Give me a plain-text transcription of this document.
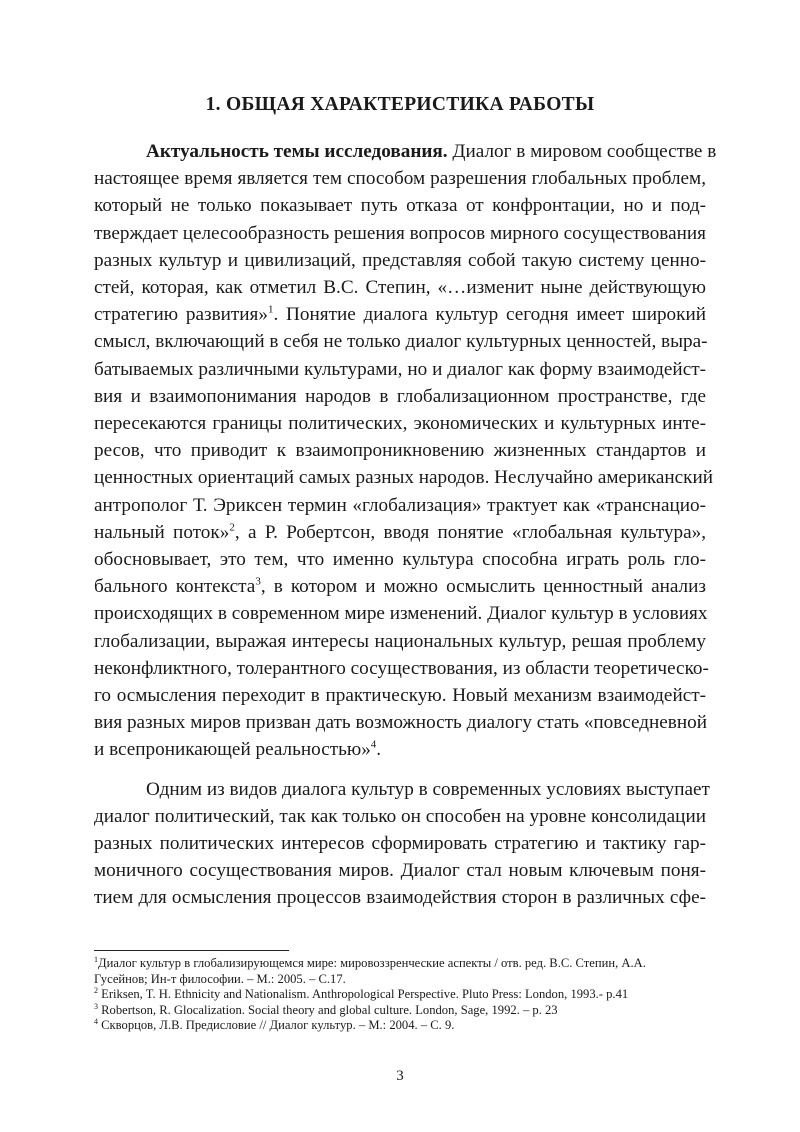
1. ОБЩАЯ ХАРАКТЕРИСТИКА РАБОТЫ
Актуальность темы исследования. Диалог в мировом сообществе в
настоящее время является тем способом разрешения глобальных проблем,
который не только показывает путь отказа от конфронтации, но и под-
тверждает целесообразность решения вопросов мирного сосуществования
разных культур и цивилизаций, представляя собой такую систему ценно-
стей, которая, как отметил В.С. Степин, «…изменит ныне действующую
стратегию развития»$^1$. Понятие диалога культур сегодня имеет широкий
смысл, включающий в себя не только диалог культурных ценностей, выра-
батываемых различными культурами, но и диалог как форму взаимодейст-
вия и взаимопонимания народов в глобализационном пространстве, где
пересекаются границы политических, экономических и культурных инте-
ресов, что приводит к взаимопроникновению жизненных стандартов и
ценностных ориентаций самых разных народов. Неслучайно американский
антрополог Т. Эриксен термин «глобализация» трактует как «транснацио-
нальный поток»$^2$, а Р. Робертсон, вводя понятие «глобальная культура»,
обосновывает, это тем, что именно культура способна играть роль гло-
бального контекста$^3$, в котором и можно осмыслить ценностный анализ
происходящих в современном мире изменений. Диалог культур в условиях
глобализации, выражая интересы национальных культур, решая проблему
неконфликтного, толерантного сосуществования, из области теоретическо-
го осмысления переходит в практическую. Новый механизм взаимодейст-
вия разных миров призван дать возможность диалогу стать «повседневной
и всепроникающей реальностью»$^4$.
Одним из видов диалога культур в современных условиях выступает
диалог политический, так как только он способен на уровне консолидации
разных политических интересов сформировать стратегию и тактику гар-
моничного сосуществования миров. Диалог стал новым ключевым поня-
тием для осмысления процессов взаимодействия сторон в различных сфе-
$^1$Диалог культур в глобализирующемся мире: мировоззренческие аспекты / отв. ред. В.С. Степин, А.А.
Гусейнов; Ин-т философии. – М.: 2005. – С.17.
$^2$ Eriksen, T. H. Ethnicity and Nationalism. Anthropological Perspective. Pluto Press: London, 1993.- p.41
$^3$ Robertson, R. Glocalization. Social theory and global culture. London, Sage, 1992. – p. 23
$^4$ Скворцов, Л.В. Предисловие // Диалог культур. – М.: 2004. – С. 9.
3
